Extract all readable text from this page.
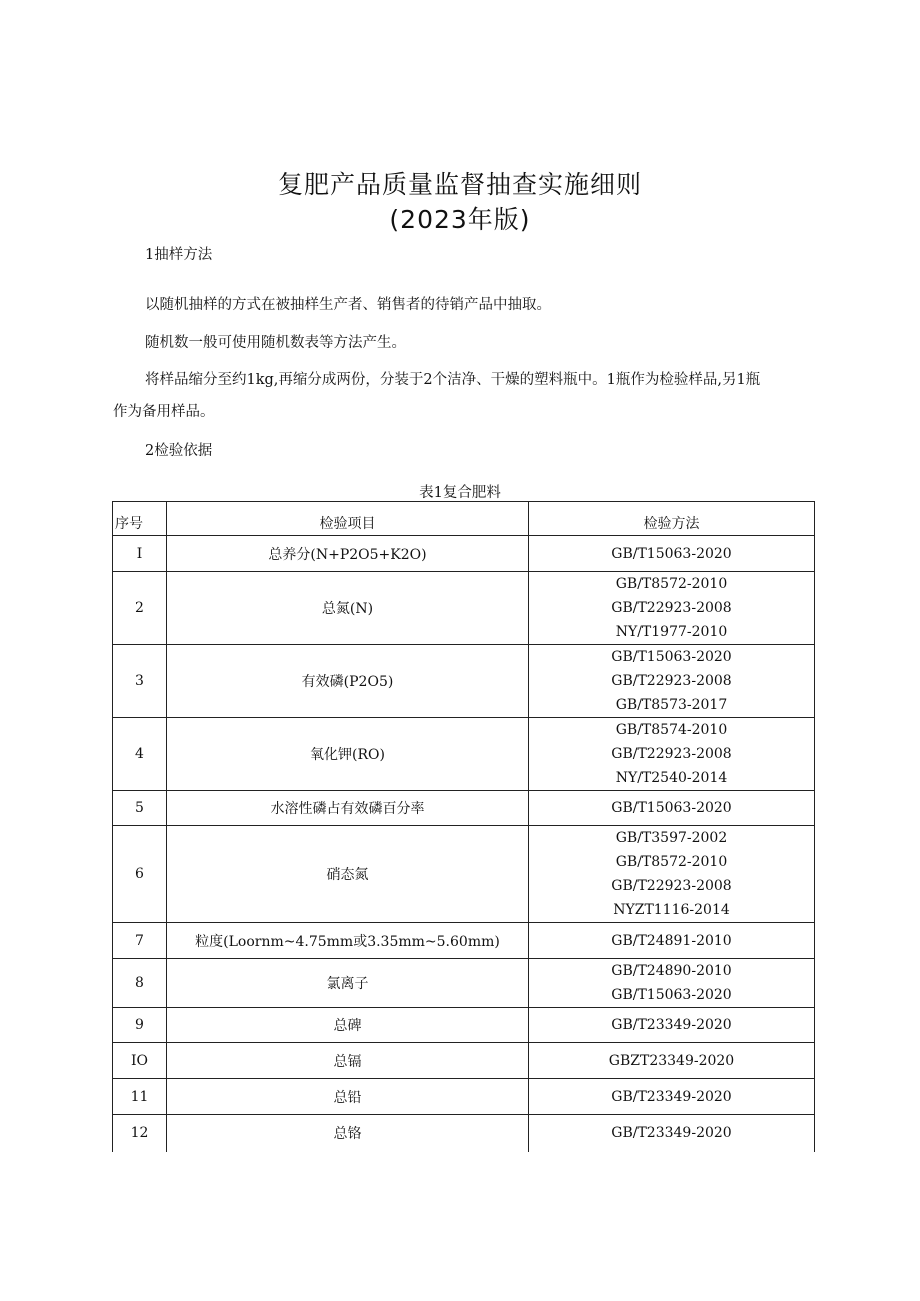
复肥产品质量监督抽查实施细则
(2023年版)
1抽样方法
以随机抽样的方式在被抽样生产者、销售者的待销产品中抽取。
随机数一般可使用随机数表等方法产生。
将样品缩分至约1kg,再缩分成两份，分装于2个洁净、干燥的塑料瓶中。1瓶作为检验样品,另1瓶
作为备用样品。
2检验依据
表1复合肥料
序号	检验项目	检验方法
I	总养分(N+P2O5+K2O)	GB/T15063-2020

2	总氮(N)	GB/T8572-2010
GB/T22923-2008
NY/T1977-2010

3	有效磷(P2O5)	GB/T15063-2020
GB/T22923-2008
GB/T8573-2017

4	氧化钾(RO)	GB/T8574-2010
GB/T22923-2008
NY/T2540-2014

5	水溶性磷占有效磷百分率	GB/T15063-2020

6	硝态氮	GB/T3597-2002
GB/T8572-2010
GB/T22923-2008
NYZT1116-2014

7	粒度(Loornm~4.75mm或3.35mm~5.60mm)	GB/T24891-2010

8	氯离子	GB/T24890-2010
GB/T15063-2020

9	总碑	GB/T23349-2020

IO	总镉	GBZT23349-2020

11	总铅	GB/T23349-2020

12	总铬	GB/T23349-2020
